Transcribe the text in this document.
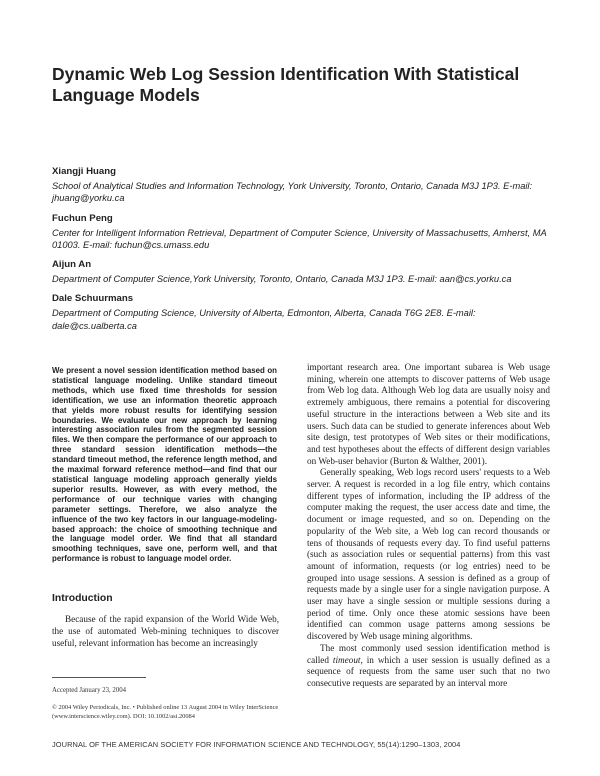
Dynamic Web Log Session Identification With Statistical Language Models
Xiangji Huang
School of Analytical Studies and Information Technology, York University, Toronto, Ontario, Canada M3J 1P3. E-mail: jhuang@yorku.ca
Fuchun Peng
Center for Intelligent Information Retrieval, Department of Computer Science, University of Massachusetts, Amherst, MA 01003. E-mail: fuchun@cs.umass.edu
Aijun An
Department of Computer Science,York University, Toronto, Ontario, Canada M3J 1P3. E-mail: aan@cs.yorku.ca
Dale Schuurmans
Department of Computing Science, University of Alberta, Edmonton, Alberta, Canada T6G 2E8. E-mail: dale@cs.ualberta.ca
We present a novel session identification method based on statistical language modeling. Unlike standard timeout methods, which use fixed time thresholds for session identification, we use an information theoretic approach that yields more robust results for identifying session boundaries. We evaluate our new approach by learning interesting association rules from the segmented session files. We then compare the performance of our approach to three standard session identification methods—the standard timeout method, the reference length method, and the maximal forward reference method—and find that our statistical language modeling approach generally yields superior results. However, as with every method, the performance of our technique varies with changing parameter settings. Therefore, we also analyze the influence of the two key factors in our language-modeling-based approach: the choice of smoothing technique and the language model order. We find that all standard smoothing techniques, save one, perform well, and that performance is robust to language model order.
Introduction

Because of the rapid expansion of the World Wide Web, the use of automated Web-mining techniques to discover useful, relevant information has become an increasingly

Accepted January 23, 2004
© 2004 Wiley Periodicals, Inc. • Published online 13 August 2004 in Wiley InterScience (www.interscience.wiley.com). DOI: 10.1002/asi.20084

important research area. One important subarea is Web usage mining, wherein one attempts to discover patterns of Web usage from Web log data. Although Web log data are usually noisy and extremely ambiguous, there remains a potential for discovering useful structure in the interactions between a Web site and its users. Such data can be studied to generate inferences about Web site design, test prototypes of Web sites or their modifications, and test hypotheses about the effects of different design variables on Web-user behavior (Burton & Walther, 2001).

Generally speaking, Web logs record users' requests to a Web server. A request is recorded in a log file entry, which contains different types of information, including the IP address of the computer making the request, the user access date and time, the document or image requested, and so on. Depending on the popularity of the Web site, a Web log can record thousands or tens of thousands of requests every day. To find useful patterns (such as association rules or sequential patterns) from this vast amount of information, requests (or log entries) need to be grouped into usage sessions. A session is defined as a group of requests made by a single user for a single navigation purpose. A user may have a single session or multiple sessions during a period of time. Only once these atomic sessions have been identified can common usage patterns among sessions be discovered by Web usage mining algorithms.

The most commonly used session identification method is called timeout, in which a user session is usually defined as a sequence of requests from the same user such that no two consecutive requests are separated by an interval more

JOURNAL OF THE AMERICAN SOCIETY FOR INFORMATION SCIENCE AND TECHNOLOGY, 55(14):1290–1303, 2004
